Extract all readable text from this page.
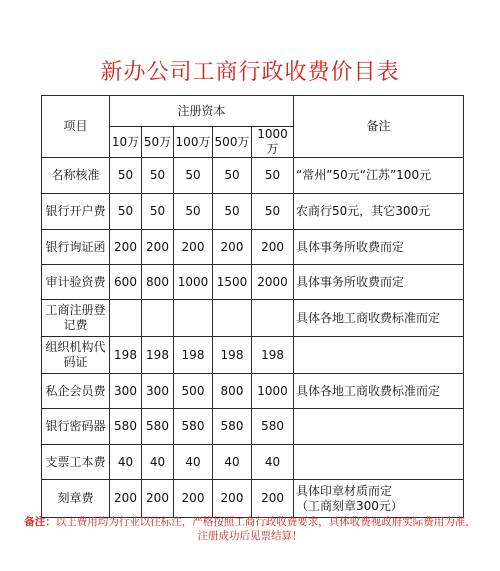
新办公司工商行政收费价目表
项目	注册资本					备注
	10万	50万	100万	500万	1000万	
名称核准	50	50	50	50	50	“常州”50元“江苏”100元
银行开户费	50	50	50	50	50	农商行50元，其它300元
银行询证函	200	200	200	200	200	具体事务所收费而定
审计验资费	600	800	1000	1500	2000	具体事务所收费而定
工商注册登记费						具体各地工商收费标准而定
组织机构代码证	198	198	198	198	198	
私企会员费	300	300	500	800	1000	具体各地工商收费标准而定
银行密码器	580	580	580	580	580	
支票工本费	40	40	40	40	40	
刻章费	200	200	200	200	200	具体印章材质而定
（工商刻章300元）
备注：以上费用均为行业以往标注，严格按照工商行政收费要求，具体收费视政府实际费用为准，
注册成功后见票结算！
